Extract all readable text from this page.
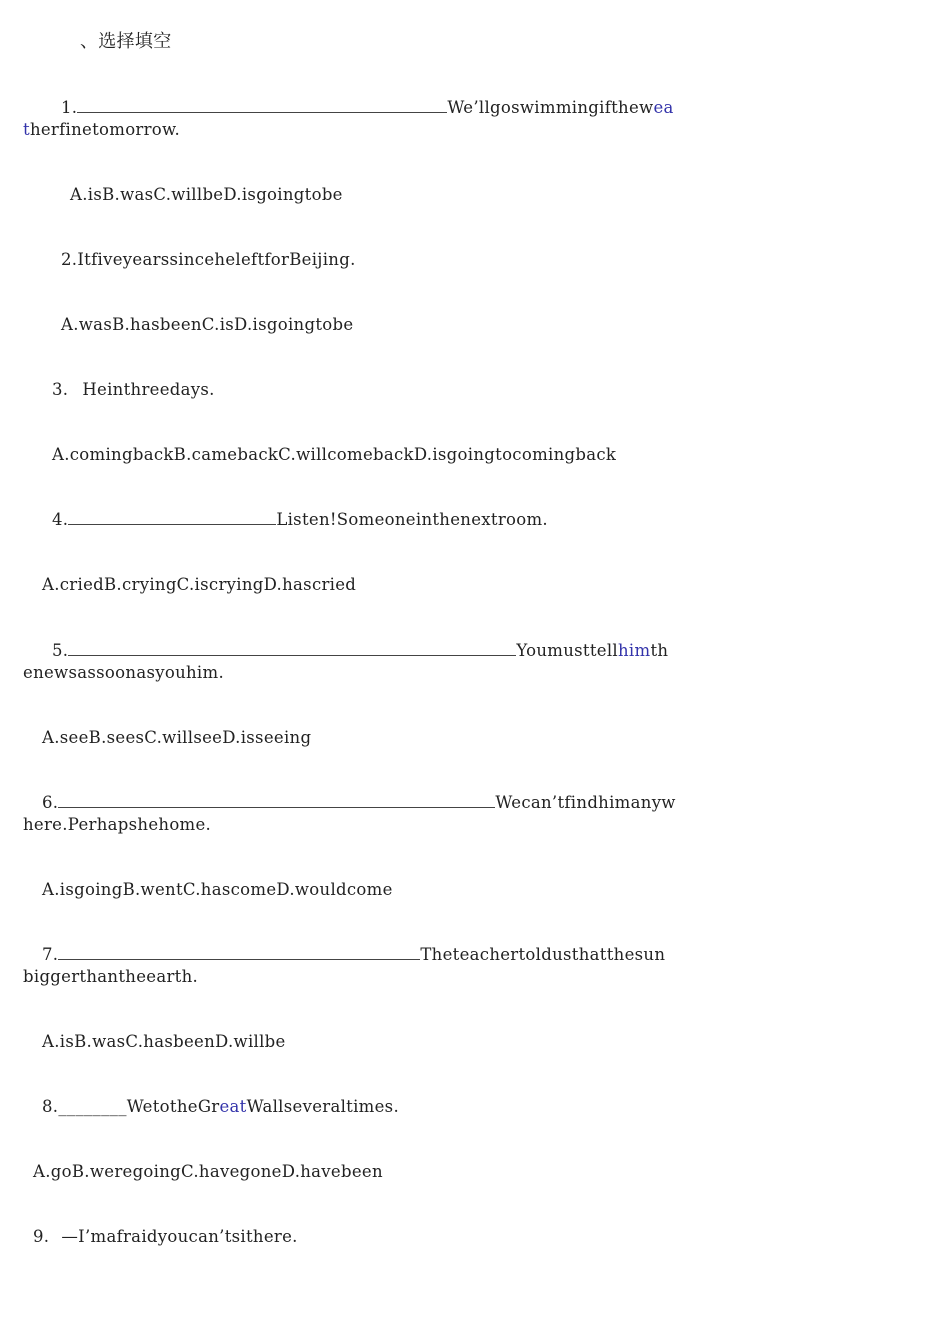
、选择填空
1.	We’llgoswimmingifthewea
therfinetomorrow.
A.isB.wasC.willbeD.isgoingtobe
2.ItfiveyearssinceheleftforBeijing.
A.wasB.hasbeenC.isD.isgoingtobe
3. Heinthreedays.
A.comingbackB.camebackC.willcomebackD.isgoingtocomingback
4.	Listen!Someoneinthenextroom.
A.criedB.cryingC.iscryingD.hascried
5.	Youmusttellhimth
enewsassoonasyouhim.
A.seeB.seesC.willseeD.isseeing
6.	Wecan’tfindhimanyw
here.Perhapshehome.
A.isgoingB.wentC.hascomeD.wouldcome
7.	Theteachertoldusthatthesun
biggerthantheearth.
A.isB.wasC.hasbeenD.willbe
8.________WetotheGreatWallseveraltimes.
A.goB.weregoingC.havegoneD.havebeen
9. —I’mafraidyoucan’tsithere.
